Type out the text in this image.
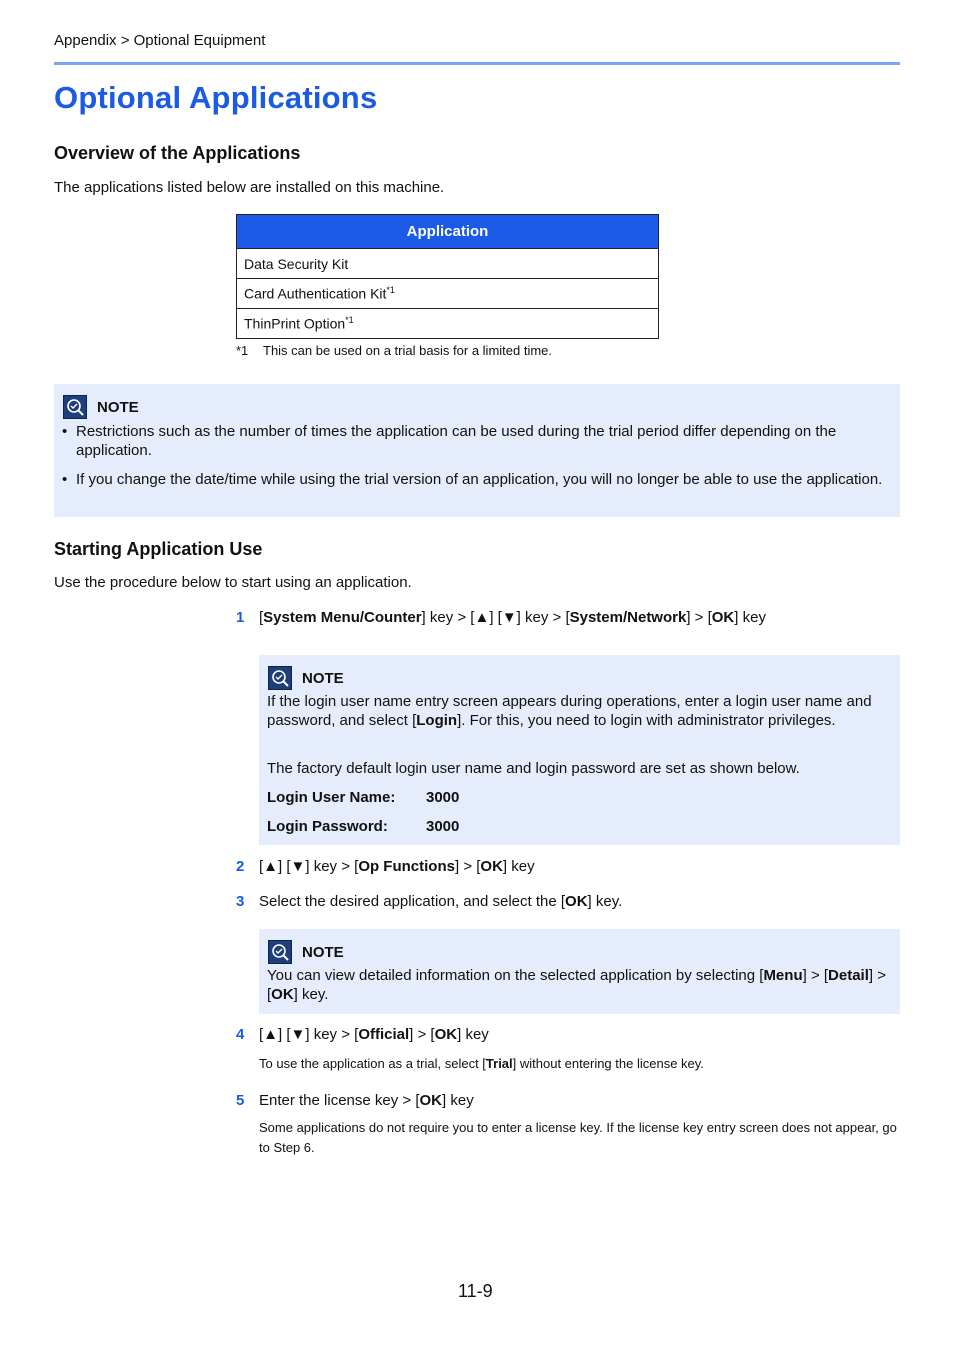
Appendix > Optional Equipment
Optional Applications
Overview of the Applications
The applications listed below are installed on this machine.
Application
Data Security Kit
Card Authentication Kit$^{*1}$
ThinPrint Option$^{*1}$
*1 This can be used on a trial basis for a limited time.
NOTE
• Restrictions such as the number of times the application can be used during the trial period differ depending on the application.
• If you change the date/time while using the trial version of an application, you will no longer be able to use the application.
Starting Application Use
Use the procedure below to start using an application.
1 [System Menu/Counter] key > [▲] [▼] key > [System/Network] > [OK] key
NOTE
If the login user name entry screen appears during operations, enter a login user name and password, and select [Login]. For this, you need to login with administrator privileges.
The factory default login user name and login password are set as shown below.
Login User Name: 3000
Login Password:	3000
2 [▲] [▼] key > [Op Functions] > [OK] key
3 Select the desired application, and select the [OK] key.
NOTE
You can view detailed information on the selected application by selecting [Menu] > [Detail] > [OK] key.
4 [▲] [▼] key > [Official] > [OK] key
To use the application as a trial, select [Trial] without entering the license key.
5 Enter the license key > [OK] key
Some applications do not require you to enter a license key. If the license key entry screen does not appear, go to Step 6.
11-9
